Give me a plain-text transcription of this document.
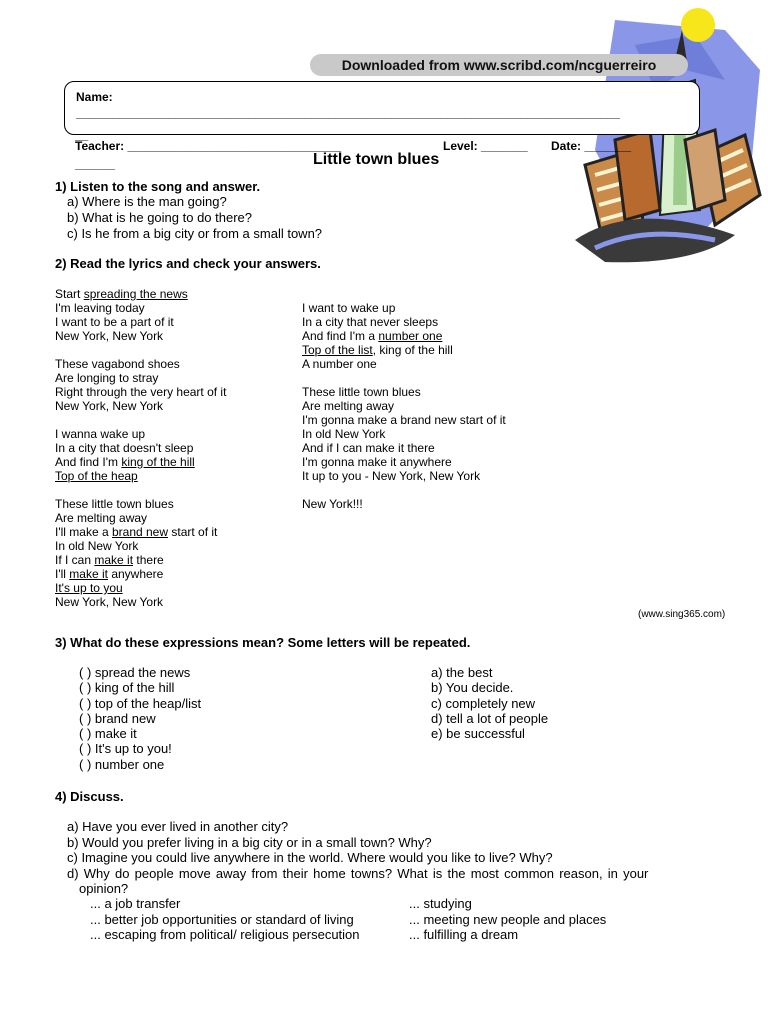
Downloaded from www.scribd.com/ncguerreiro
Name:
________________________________________________________________________________________
__
Teacher: ________________________________	Level: _______ Date: _______
______	Little town blues
1) Listen to the song and answer.
a) Where is the man going?
b) What is he going to do there?
c) Is he from a big city or from a small town?
2) Read the lyrics and check your answers.
Start spreading the news
I'm leaving today
I want to be a part of it
New York, New York
These vagabond shoes
Are longing to stray
Right through the very heart of it
New York, New York
I wanna wake up
In a city that doesn't sleep
And find I'm king of the hill
Top of the heap
These little town blues
Are melting away
I'll make a brand new start of it
In old New York
If I can make it there
I'll make it anywhere
It's up to you
New York, New York
I want to wake up
In a city that never sleeps
And find I'm a number one
Top of the list, king of the hill
A number one
These little town blues
Are melting away
I'm gonna make a brand new start of it
In old New York
And if I can make it there
I'm gonna make it anywhere
It up to you - New York, New York
New York!!!
(www.sing365.com)
3) What do these expressions mean? Some letters will be repeated.
( ) spread the news
( ) king of the hill
( ) top of the heap/list
( ) brand new
( ) make it
( ) It's up to you!
( ) number one
a) the best
b) You decide.
c) completely new
d) tell a lot of people
e) be successful
4) Discuss.
a) Have you ever lived in another city?
b) Would you prefer living in a big city or in a small town? Why?
c) Imagine you could live anywhere in the world. Where would you like to live? Why?
d) Why do people move away from their home towns? What is the most common reason, in your
opinion?
... a job transfer
... better job opportunities or standard of living
... escaping from political/ religious persecution
... studying
... meeting new people and places
... fulfilling a dream
